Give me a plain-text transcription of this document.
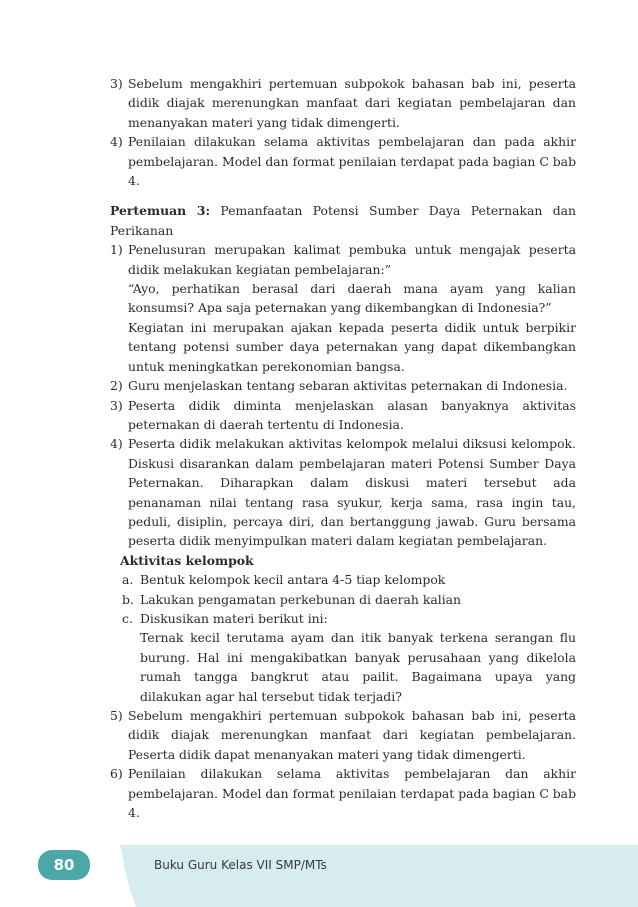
3) Sebelum mengakhiri pertemuan subpokok bahasan bab ini, peserta didik diajak merenungkan manfaat dari kegiatan pembelajaran dan menanyakan materi yang tidak dimengerti.
4) Penilaian dilakukan selama aktivitas pembelajaran dan pada akhir pembelajaran. Model dan format penilaian terdapat pada bagian C bab 4.

Pertemuan 3: Pemanfaatan Potensi Sumber Daya Peternakan dan Perikanan

1) Penelusuran merupakan kalimat pembuka untuk mengajak peserta didik melakukan kegiatan pembelajaran:”

“Ayo, perhatikan berasal dari daerah mana ayam yang kalian konsumsi? Apa saja peternakan yang dikembangkan di Indonesia?”

Kegiatan ini merupakan ajakan kepada peserta didik untuk berpikir tentang potensi sumber daya peternakan yang dapat dikembangkan untuk meningkatkan perekonomian bangsa.

2) Guru menjelaskan tentang sebaran aktivitas peternakan di Indonesia.
3) Peserta didik diminta menjelaskan alasan banyaknya aktivitas peternakan di daerah tertentu di Indonesia.
4) Peserta didik melakukan aktivitas kelompok melalui diksusi kelompok. Diskusi disarankan dalam pembelajaran materi Potensi Sumber Daya Peternakan. Diharapkan dalam diskusi materi tersebut ada penanaman nilai tentang rasa syukur, kerja sama, rasa ingin tau, peduli, disiplin, percaya diri, dan bertanggung jawab. Guru bersama peserta didik menyimpulkan materi dalam kegiatan pembelajaran.
Aktivitas kelompok
a. Bentuk kelompok kecil antara 4-5 tiap kelompok
b. Lakukan pengamatan perkebunan di daerah kalian
c. Diskusikan materi berikut ini:

Ternak kecil terutama ayam dan itik banyak terkena serangan flu burung. Hal ini mengakibatkan banyak perusahaan yang dikelola rumah tangga bangkrut atau pailit. Bagaimana upaya yang dilakukan agar hal tersebut tidak terjadi?

5) Sebelum mengakhiri pertemuan subpokok bahasan bab ini, peserta didik diajak merenungkan manfaat dari kegiatan pembelajaran. Peserta didik dapat menanyakan materi yang tidak dimengerti.
6) Penilaian dilakukan selama aktivitas pembelajaran dan akhir pembelajaran. Model dan format penilaian terdapat pada bagian C bab 4.
80	Buku Guru Kelas VII SMP/MTs
